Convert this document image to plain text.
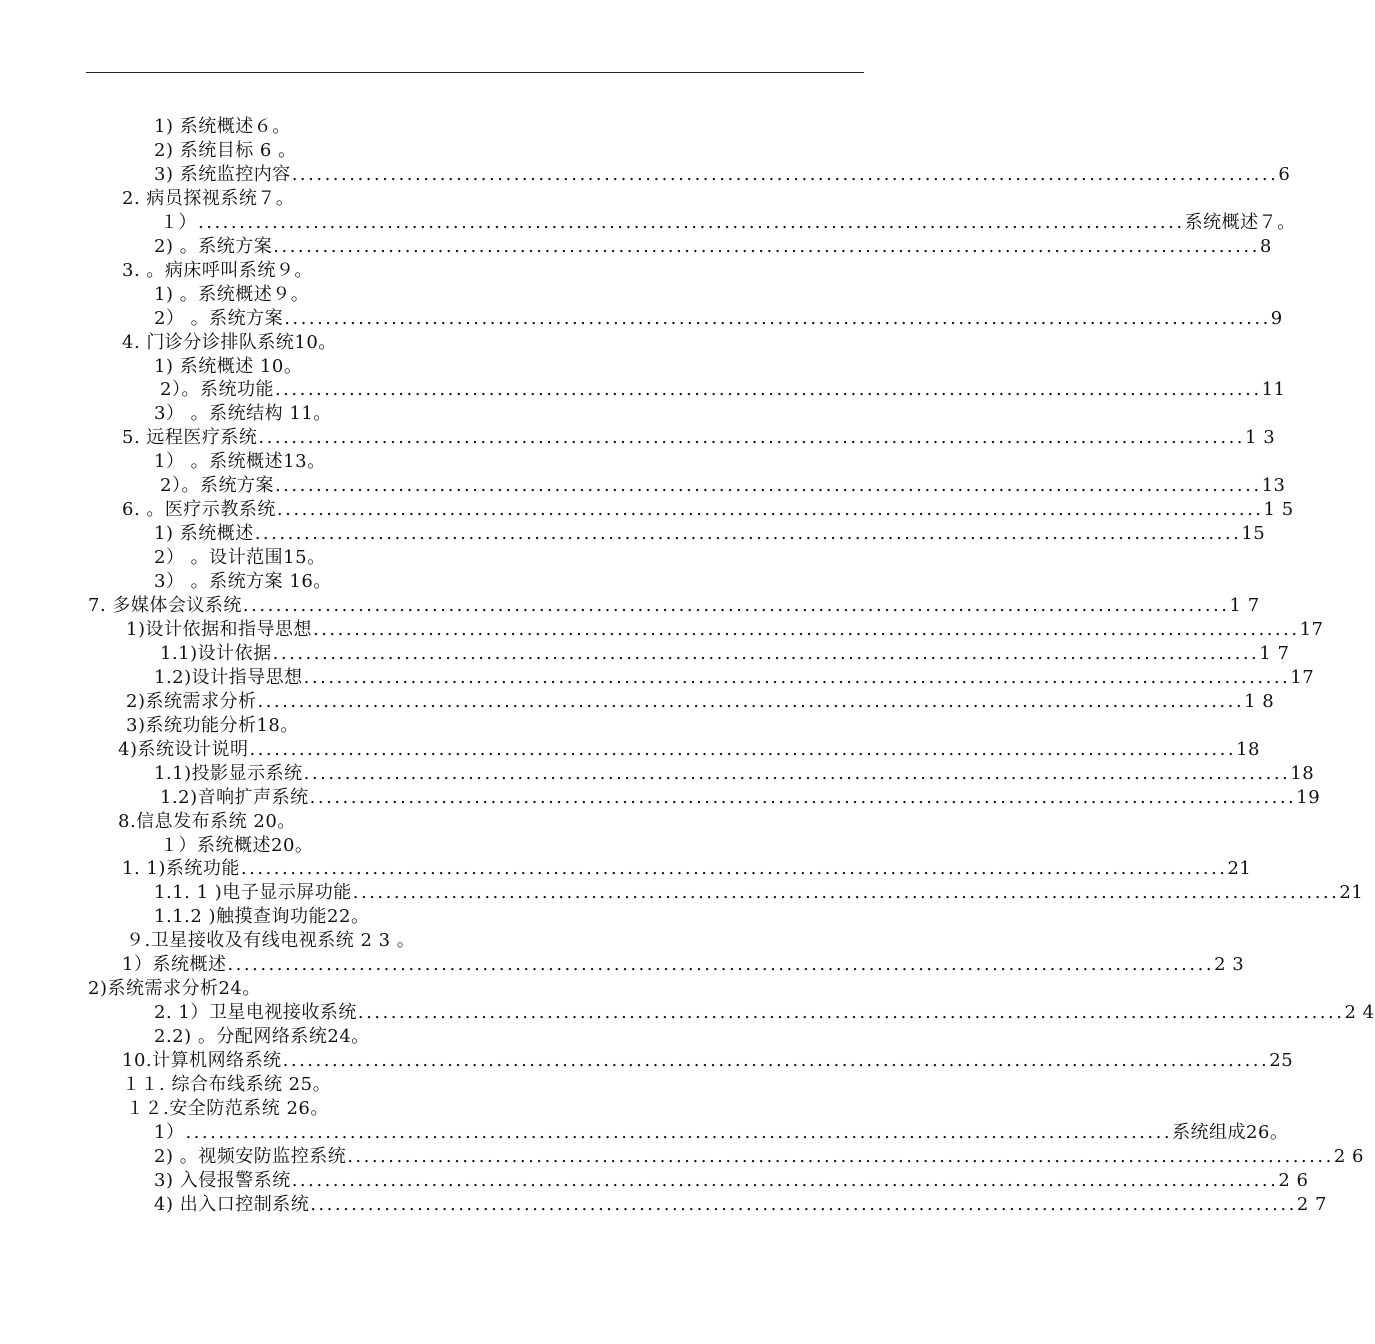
1) 系统概述６。
2) 系统目标 6 。
3) 系统监控内容 ........................................................................................................................ 6
2. 病员探视系统７。
１） ........................................................................................................................ 系统概述７。
2) 。系统方案 ........................................................................................................................ 8
3. 。病床呼叫系统９。
1) 。系统概述９。
2） 。系统方案 ........................................................................................................................ 9
4. 门诊分诊排队系统10。
1) 系统概述 10。
2）。系统功能 ........................................................................................................................ 11
3） 。系统结构 11。
5. 远程医疗系统 ........................................................................................................................ 1 3
1） 。系统概述13。
2）。系统方案 ........................................................................................................................ 13
6. 。医疗示教系统 ........................................................................................................................ 1 5
1) 系统概述 ........................................................................................................................ 15
2） 。设计范围15。
3） 。系统方案 16。
7. 多媒体会议系统 ........................................................................................................................ 1 7
1)设计依据和指导思想 ........................................................................................................................ 17
1.1)设计依据 ........................................................................................................................ 1 7
1.2)设计指导思想 ........................................................................................................................ 17
2)系统需求分析 ........................................................................................................................ 1 8
3)系统功能分析18。
4)系统设计说明 ........................................................................................................................ 18
1.1)投影显示系统 ........................................................................................................................ 18
1.2)音响扩声系统 ........................................................................................................................ 19
8.信息发布系统 20。
１）系统概述20。
1. 1)系统功能 ........................................................................................................................ 21
1.1. 1 )电子显示屏功能 ........................................................................................................................ 21
1.1.2 )触摸查询功能22。
９.卫星接收及有线电视系统 2 3 。
1）系统概述 ........................................................................................................................ 2 3
2)系统需求分析24。
2. 1）卫星电视接收系统 ........................................................................................................................ 2 4
2.2) 。分配网络系统24。
10.计算机网络系统 ........................................................................................................................ 25
１１. 综合布线系统 25。
１２.安全防范系统 26。
1） ........................................................................................................................ 系统组成26。
2) 。视频安防监控系统 ........................................................................................................................ 2 6
3) 入侵报警系统 ........................................................................................................................ 2 6
4) 出入口控制系统 ........................................................................................................................ 2 7
